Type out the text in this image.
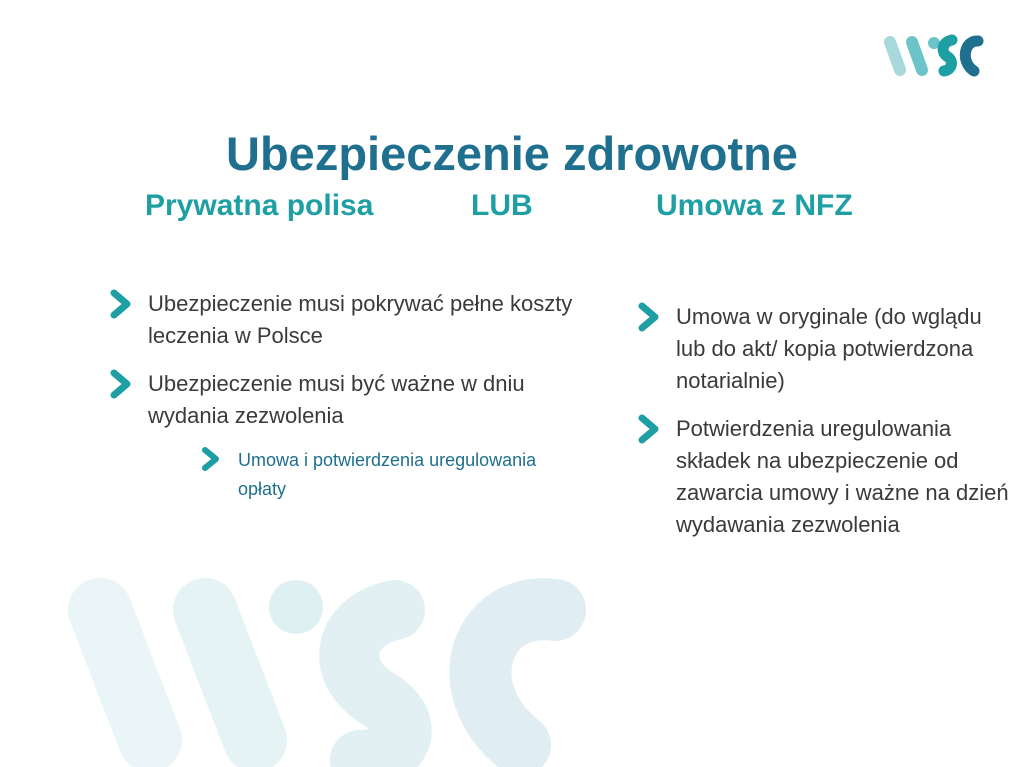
Ubezpieczenie zdrowotne
Prywatna polisa	LUB	Umowa z NFZ
Ubezpieczenie musi pokrywać pełne koszty leczenia w Polsce
Ubezpieczenie musi być ważne w dniu wydania zezwolenia
Umowa i potwierdzenia uregulowania opłaty
Umowa w oryginale (do wglądu lub do akt/ kopia potwierdzona notarialnie)
Potwierdzenia uregulowania składek na ubezpieczenie od zawarcia umowy i ważne na dzień wydawania zezwolenia
